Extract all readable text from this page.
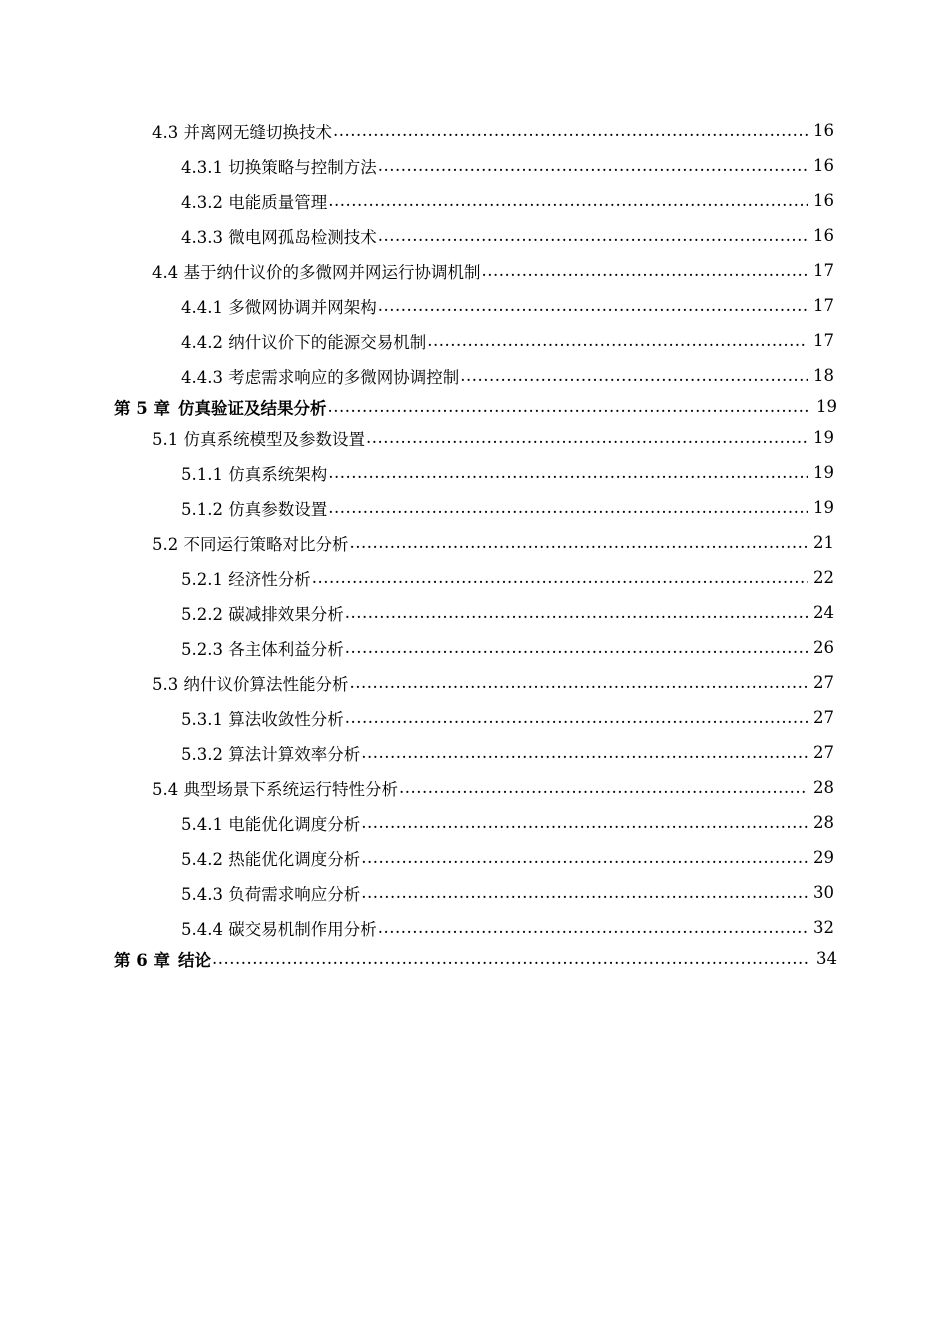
4.3 并离网无缝切换技术 .....	16
4.3.1 切换策略与控制方法 .....	16
4.3.2 电能质量管理 .....	16
4.3.3 微电网孤岛检测技术 .....	16
4.4 基于纳什议价的多微网并网运行协调机制 .....	17
4.4.1 多微网协调并网架构 .....	17
4.4.2 纳什议价下的能源交易机制 .....	17
4.4.3 考虑需求响应的多微网协调控制 .....	18
第 5 章 仿真验证及结果分析 .....	19
5.1 仿真系统模型及参数设置 .....	19
5.1.1 仿真系统架构 .....	19
5.1.2 仿真参数设置 .....	19
5.2 不同运行策略对比分析 .....	21
5.2.1 经济性分析 .....	22
5.2.2 碳减排效果分析 .....	24
5.2.3 各主体利益分析 .....	26
5.3 纳什议价算法性能分析 .....	27
5.3.1 算法收敛性分析 .....	27
5.3.2 算法计算效率分析 .....	27
5.4 典型场景下系统运行特性分析 .....	28
5.4.1 电能优化调度分析 .....	28
5.4.2 热能优化调度分析 .....	29
5.4.3 负荷需求响应分析 .....	30
5.4.4 碳交易机制作用分析 .....	32
第 6 章 结论 .....	34
